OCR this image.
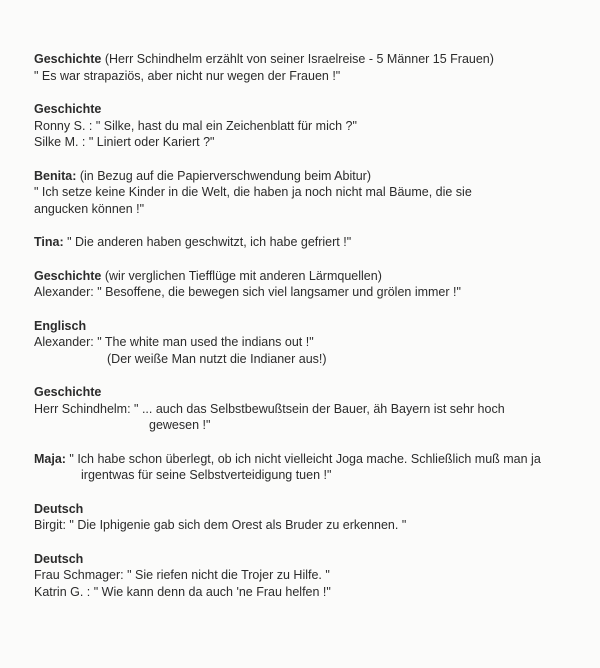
Geschichte (Herr Schindhelm erzählt von seiner Israelreise - 5 Männer 15 Frauen)
" Es war strapaziös, aber nicht nur wegen der Frauen !"
Geschichte
Ronny S. : " Silke, hast du mal ein Zeichenblatt für mich ?"
Silke M. : " Liniert oder Kariert ?"
Benita: (in Bezug auf die Papierverschwendung beim Abitur)
" Ich setze keine Kinder in die Welt, die haben ja noch nicht mal Bäume, die sie
angucken können !"
Tina: " Die anderen haben geschwitzt, ich habe gefriert !"
Geschichte (wir verglichen Tiefflüge mit anderen Lärmquellen)
Alexander: " Besoffene, die bewegen sich viel langsamer und grölen immer !"
Englisch
Alexander: " The white man used the indians out !"
(Der weiße Man nutzt die Indianer aus!)
Geschichte
Herr Schindhelm: " ... auch das Selbstbewußtsein der Bauer, äh Bayern ist sehr hoch
gewesen !"
Maja: " Ich habe schon überlegt, ob ich nicht vielleicht Joga mache. Schließlich muß man ja
irgentwas für seine Selbstverteidigung tuen !"
Deutsch
Birgit: " Die Iphigenie gab sich dem Orest als Bruder zu erkennen. "
Deutsch
Frau Schmager: " Sie riefen nicht die Trojer zu Hilfe. "
Katrin G. : " Wie kann denn da auch 'ne Frau helfen !"
